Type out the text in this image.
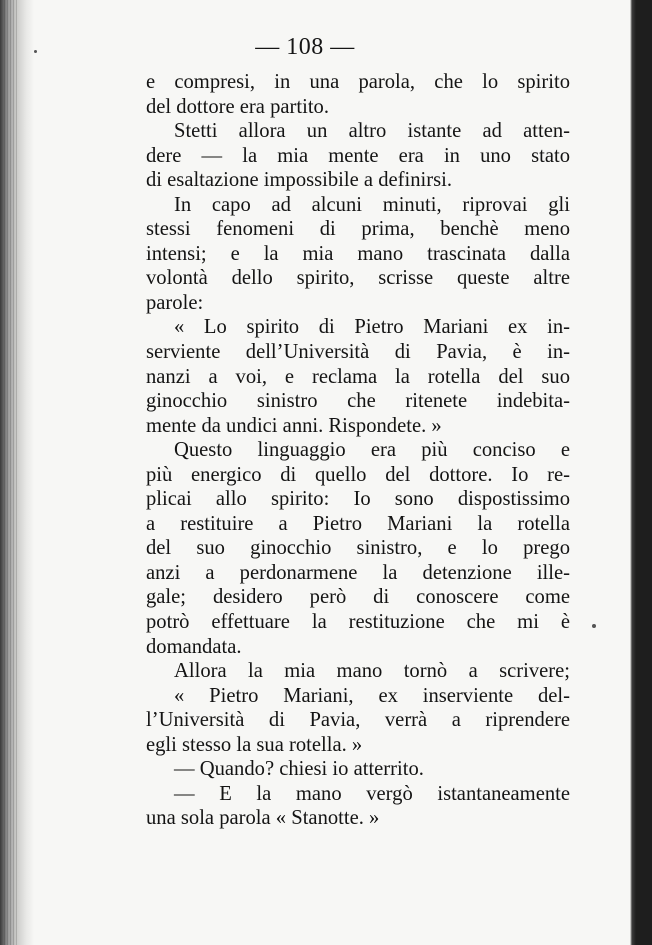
— 108 —
e compresi, in una parola, che lo spirito
del dottore era partito.
Stetti allora un altro istante ad atten-
dere — la mia mente era in uno stato
di esaltazione impossibile a definirsi.
In capo ad alcuni minuti, riprovai gli
stessi fenomeni di prima, benchè meno
intensi; e la mia mano trascinata dalla
volontà dello spirito, scrisse queste altre
parole:
« Lo spirito di Pietro Mariani ex in-
serviente dell’Università di Pavia, è in-
nanzi a voi, e reclama la rotella del suo
ginocchio sinistro che ritenete indebita-
mente da undici anni. Rispondete. »
Questo linguaggio era più conciso e
più energico di quello del dottore. Io re-
plicai allo spirito: Io sono dispostissimo
a restituire a Pietro Mariani la rotella
del suo ginocchio sinistro, e lo prego
anzi a perdonarmene la detenzione ille-
gale; desidero però di conoscere come
potrò effettuare la restituzione che mi è
domandata.
Allora la mia mano tornò a scrivere;
« Pietro Mariani, ex inserviente del-
l’Università di Pavia, verrà a riprendere
egli stesso la sua rotella. »
— Quando? chiesi io atterrito.
— E la mano vergò istantaneamente
una sola parola « Stanotte. »
